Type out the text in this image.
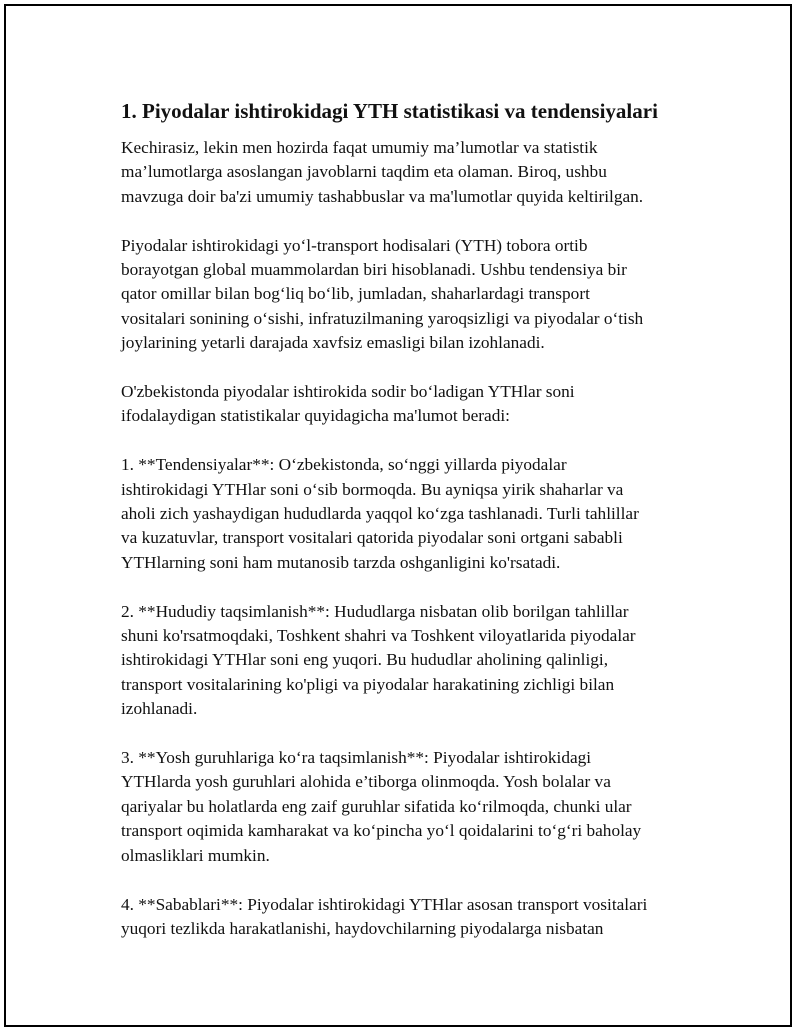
1. Piyodalar ishtirokidagi YTH statistikasi va tendensiyalari
Kechirasiz, lekin men hozirda faqat umumiy ma’lumotlar va statistik
ma’lumotlarga asoslangan javoblarni taqdim eta olaman. Biroq, ushbu
mavzuga doir ba'zi umumiy tashabbuslar va ma'lumotlar quyida keltirilgan.
Piyodalar ishtirokidagi yo‘l-transport hodisalari (YTH) tobora ortib
borayotgan global muammolardan biri hisoblanadi. Ushbu tendensiya bir
qator omillar bilan bog‘liq bo‘lib, jumladan, shaharlardagi transport
vositalari sonining o‘sishi, infratuzilmaning yaroqsizligi va piyodalar o‘tish
joylarining yetarli darajada xavfsiz emasligi bilan izohlanadi.
O'zbekistonda piyodalar ishtirokida sodir bo‘ladigan YTHlar soni
ifodalaydigan statistikalar quyidagicha ma'lumot beradi:
1. **Tendensiyalar**: O‘zbekistonda, so‘nggi yillarda piyodalar
ishtirokidagi YTHlar soni o‘sib bormoqda. Bu ayniqsa yirik shaharlar va
aholi zich yashaydigan hududlarda yaqqol ko‘zga tashlanadi. Turli tahlillar
va kuzatuvlar, transport vositalari qatorida piyodalar soni ortgani sababli
YTHlarning soni ham mutanosib tarzda oshganligini ko'rsatadi.
2. **Hududiy taqsimlanish**: Hududlarga nisbatan olib borilgan tahlillar
shuni ko'rsatmoqdaki, Toshkent shahri va Toshkent viloyatlarida piyodalar
ishtirokidagi YTHlar soni eng yuqori. Bu hududlar aholining qalinligi,
transport vositalarining ko'pligi va piyodalar harakatining zichligi bilan
izohlanadi.
3. **Yosh guruhlariga ko‘ra taqsimlanish**: Piyodalar ishtirokidagi
YTHlarda yosh guruhlari alohida e’tiborga olinmoqda. Yosh bolalar va
qariyalar bu holatlarda eng zaif guruhlar sifatida ko‘rilmoqda, chunki ular
transport oqimida kamharakat va ko‘pincha yo‘l qoidalarini to‘g‘ri baholay
olmasliklari mumkin.
4. **Sabablari**: Piyodalar ishtirokidagi YTHlar asosan transport vositalari
yuqori tezlikda harakatlanishi, haydovchilarning piyodalarga nisbatan
